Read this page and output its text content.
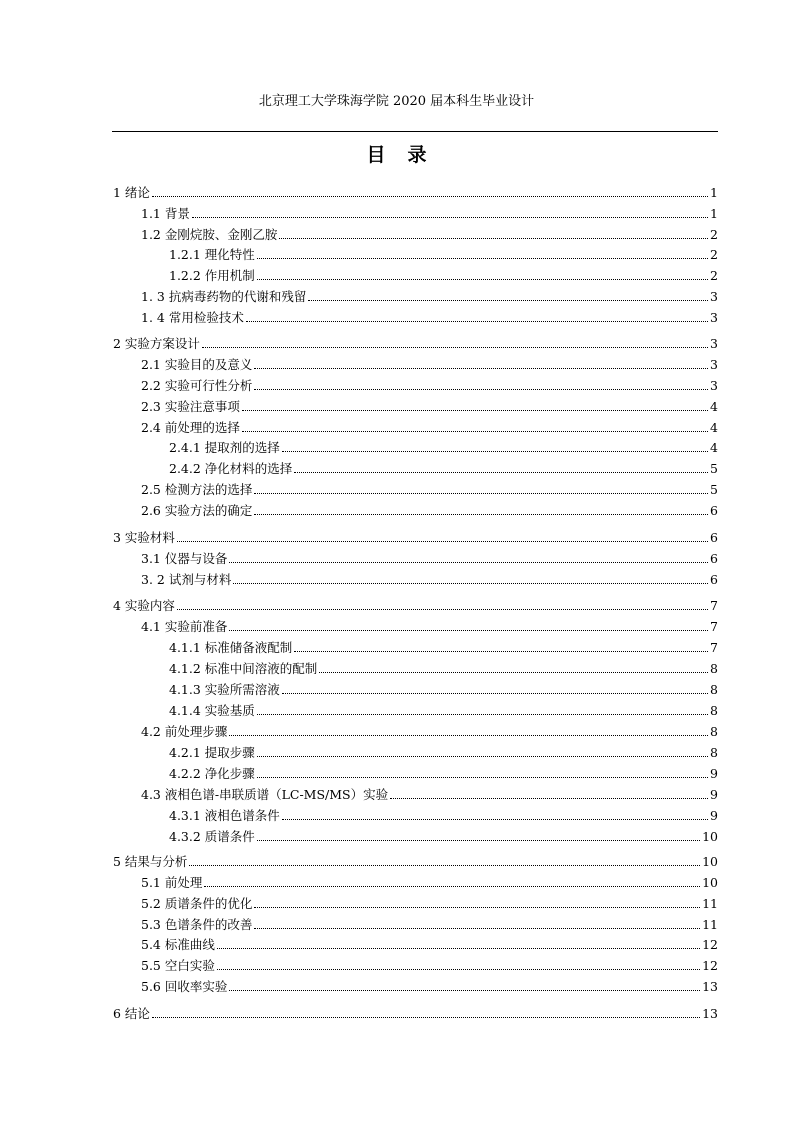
北京理工大学珠海学院 2020 届本科生毕业设计
目录
1 绪论	1
1.1 背景	1
1.2 金刚烷胺、金刚乙胺	2
1.2.1 理化特性	2
1.2.2 作用机制	2
1. 3 抗病毒药物的代谢和残留	3
1. 4 常用检验技术	3
2 实验方案设计	3
2.1 实验目的及意义	3
2.2 实验可行性分析	3
2.3 实验注意事项	4
2.4 前处理的选择	4
2.4.1 提取剂的选择	4
2.4.2 净化材料的选择	5
2.5 检测方法的选择	5
2.6 实验方法的确定	6
3 实验材料	6
3.1 仪器与设备	6
3. 2 试剂与材料	6
4 实验内容	7
4.1 实验前准备	7
4.1.1 标准储备液配制	7
4.1.2 标准中间溶液的配制	8
4.1.3 实验所需溶液	8
4.1.4 实验基质	8
4.2 前处理步骤	8
4.2.1 提取步骤	8
4.2.2 净化步骤	9
4.3 液相色谱-串联质谱（LC-MS/MS）实验	9
4.3.1 液相色谱条件	9
4.3.2 质谱条件	10
5 结果与分析	10
5.1 前处理	10
5.2 质谱条件的优化	11
5.3 色谱条件的改善	11
5.4 标准曲线	12
5.5 空白实验	12
5.6 回收率实验	13
6 结论	13
